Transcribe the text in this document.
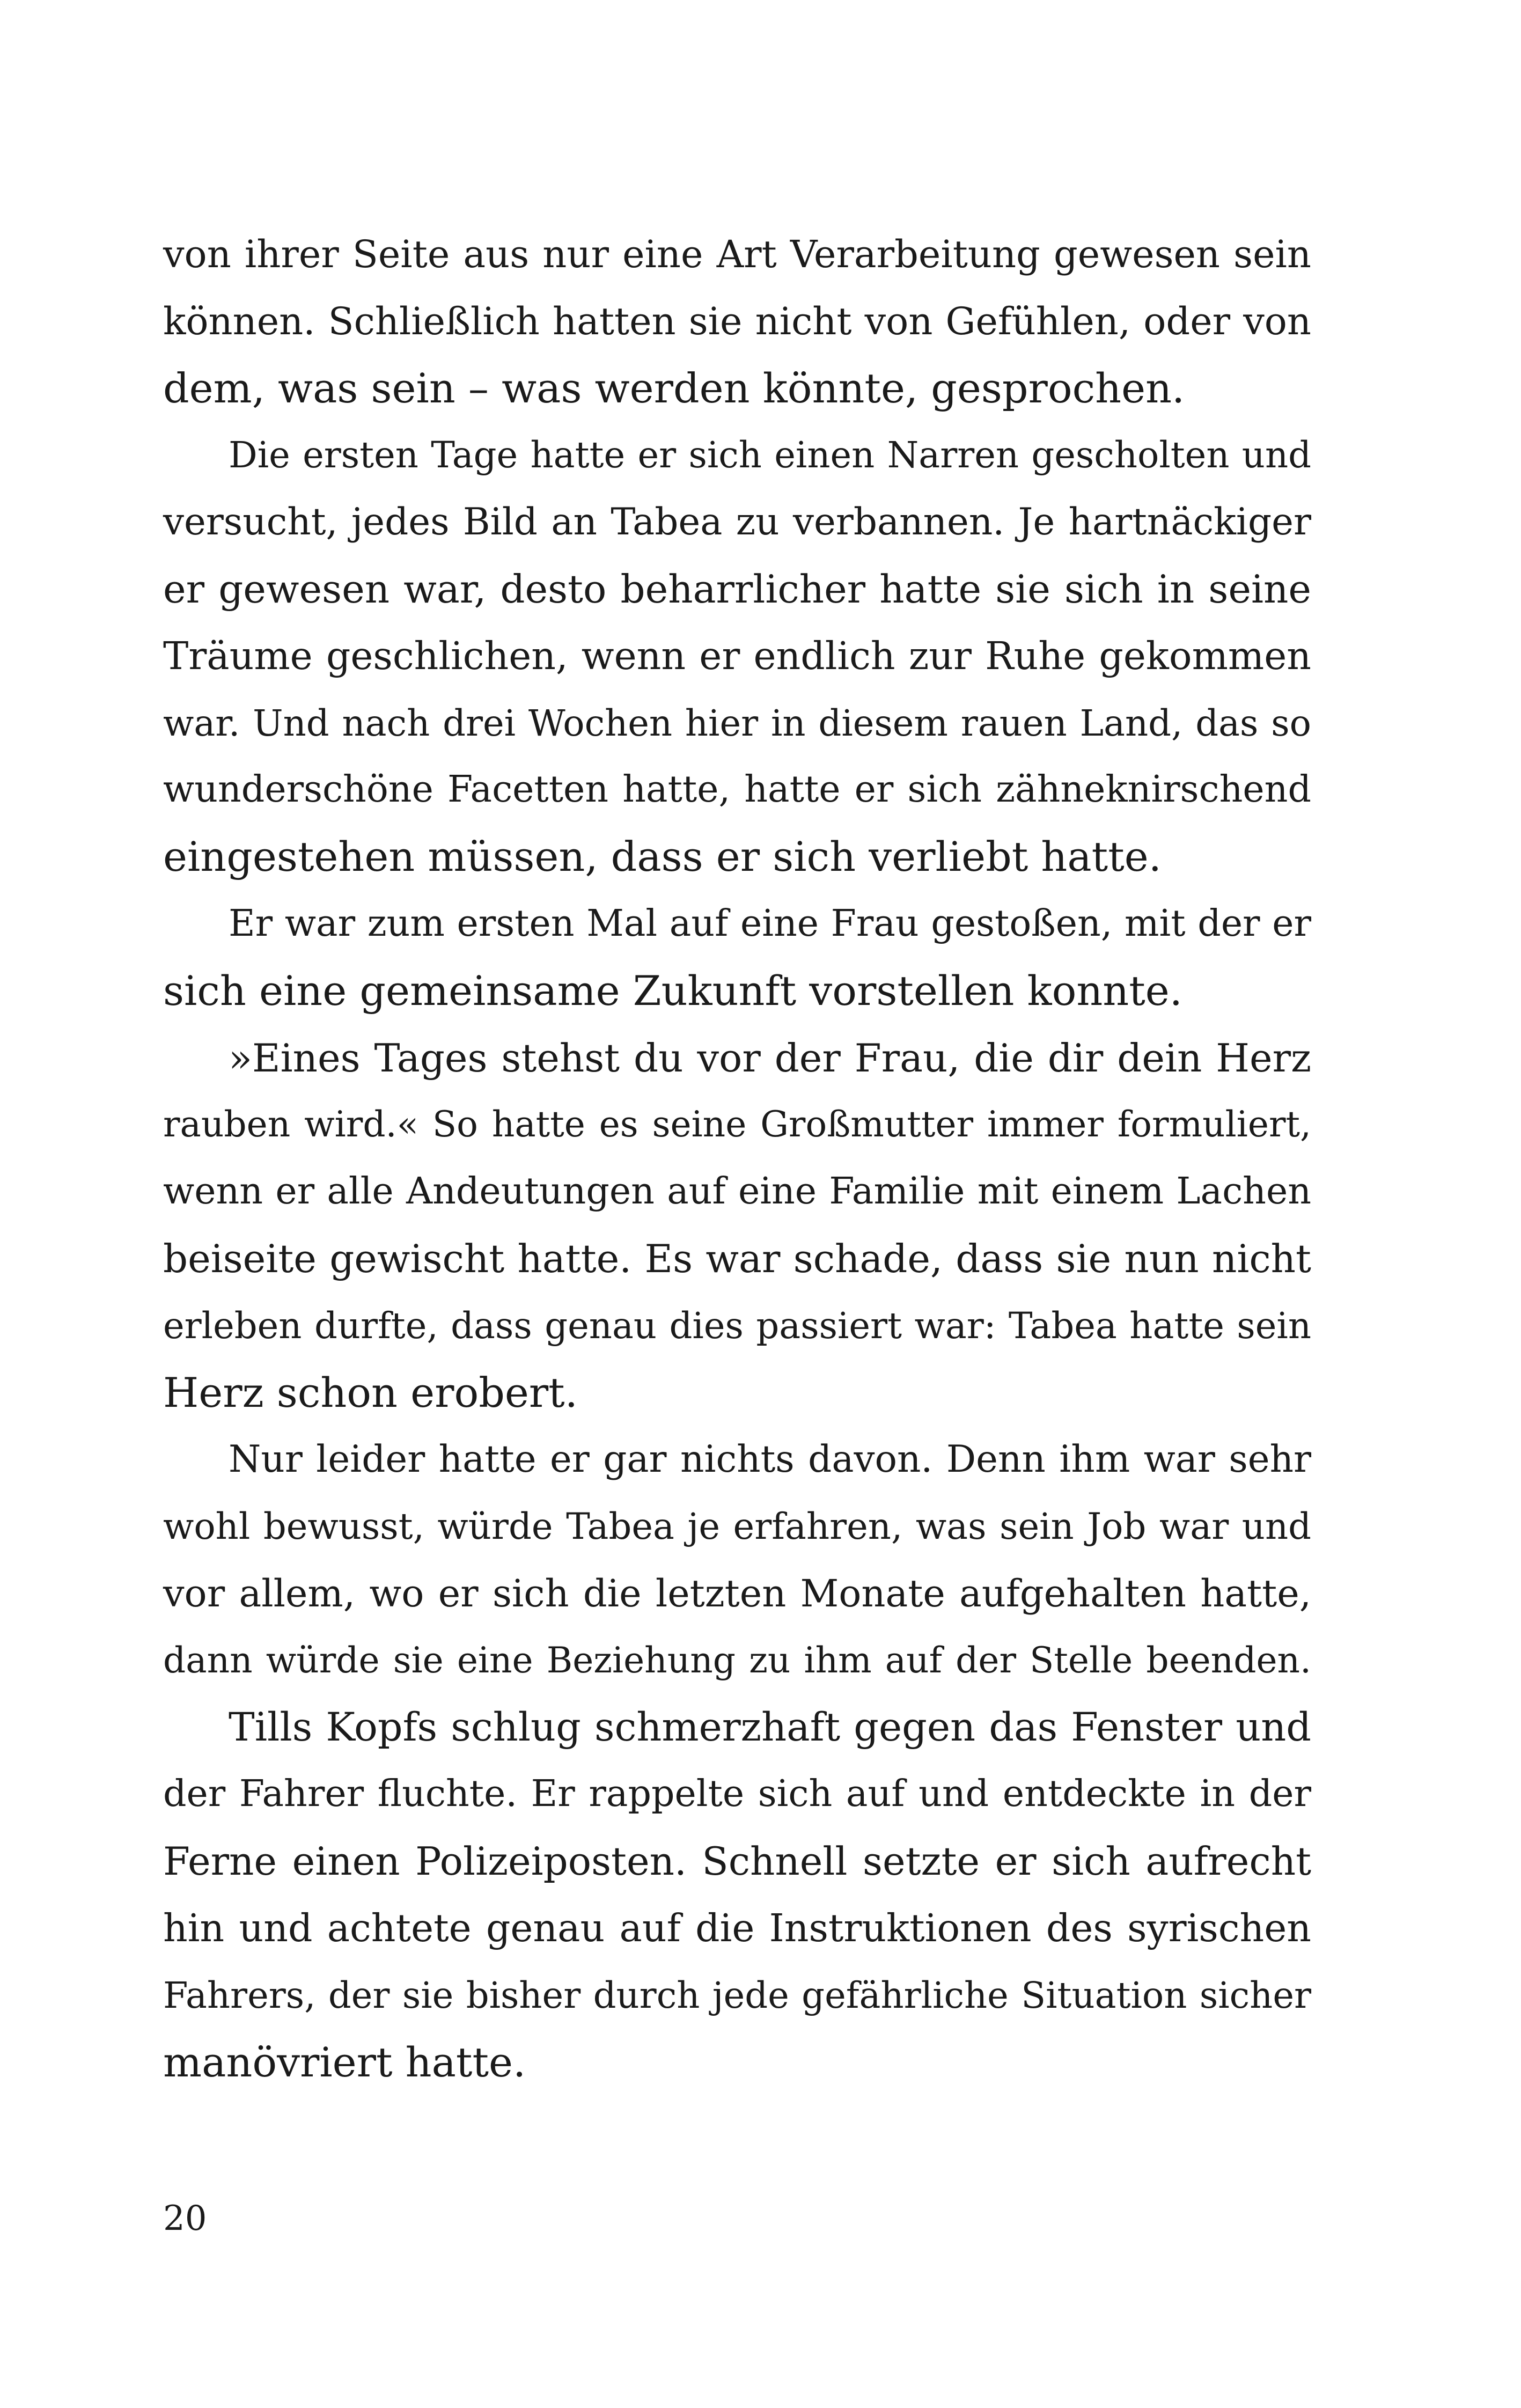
von ihrer Seite aus nur eine Art Verarbeitung gewesen sein
können. Schließlich hatten sie nicht von Gefühlen, oder von
dem, was sein – was werden könnte, gesprochen.
Die ersten Tage hatte er sich einen Narren gescholten und
versucht, jedes Bild an Tabea zu verbannen. Je hartnäckiger
er gewesen war, desto beharrlicher hatte sie sich in seine
Träume geschlichen, wenn er endlich zur Ruhe gekommen
war. Und nach drei Wochen hier in diesem rauen Land, das so
wunderschöne Facetten hatte, hatte er sich zähneknirschend
eingestehen müssen, dass er sich verliebt hatte.
Er war zum ersten Mal auf eine Frau gestoßen, mit der er
sich eine gemeinsame Zukunft vorstellen konnte.
»Eines Tages stehst du vor der Frau, die dir dein Herz
rauben wird.« So hatte es seine Großmutter immer formuliert,
wenn er alle Andeutungen auf eine Familie mit einem Lachen
beiseite gewischt hatte. Es war schade, dass sie nun nicht
erleben durfte, dass genau dies passiert war: Tabea hatte sein
Herz schon erobert.
Nur leider hatte er gar nichts davon. Denn ihm war sehr
wohl bewusst, würde Tabea je erfahren, was sein Job war und
vor allem, wo er sich die letzten Monate aufgehalten hatte,
dann würde sie eine Beziehung zu ihm auf der Stelle beenden.
Tills Kopfs schlug schmerzhaft gegen das Fenster und
der Fahrer fluchte. Er rappelte sich auf und entdeckte in der
Ferne einen Polizeiposten. Schnell setzte er sich aufrecht
hin und achtete genau auf die Instruktionen des syrischen
Fahrers, der sie bisher durch jede gefährliche Situation sicher
manövriert hatte.
20
